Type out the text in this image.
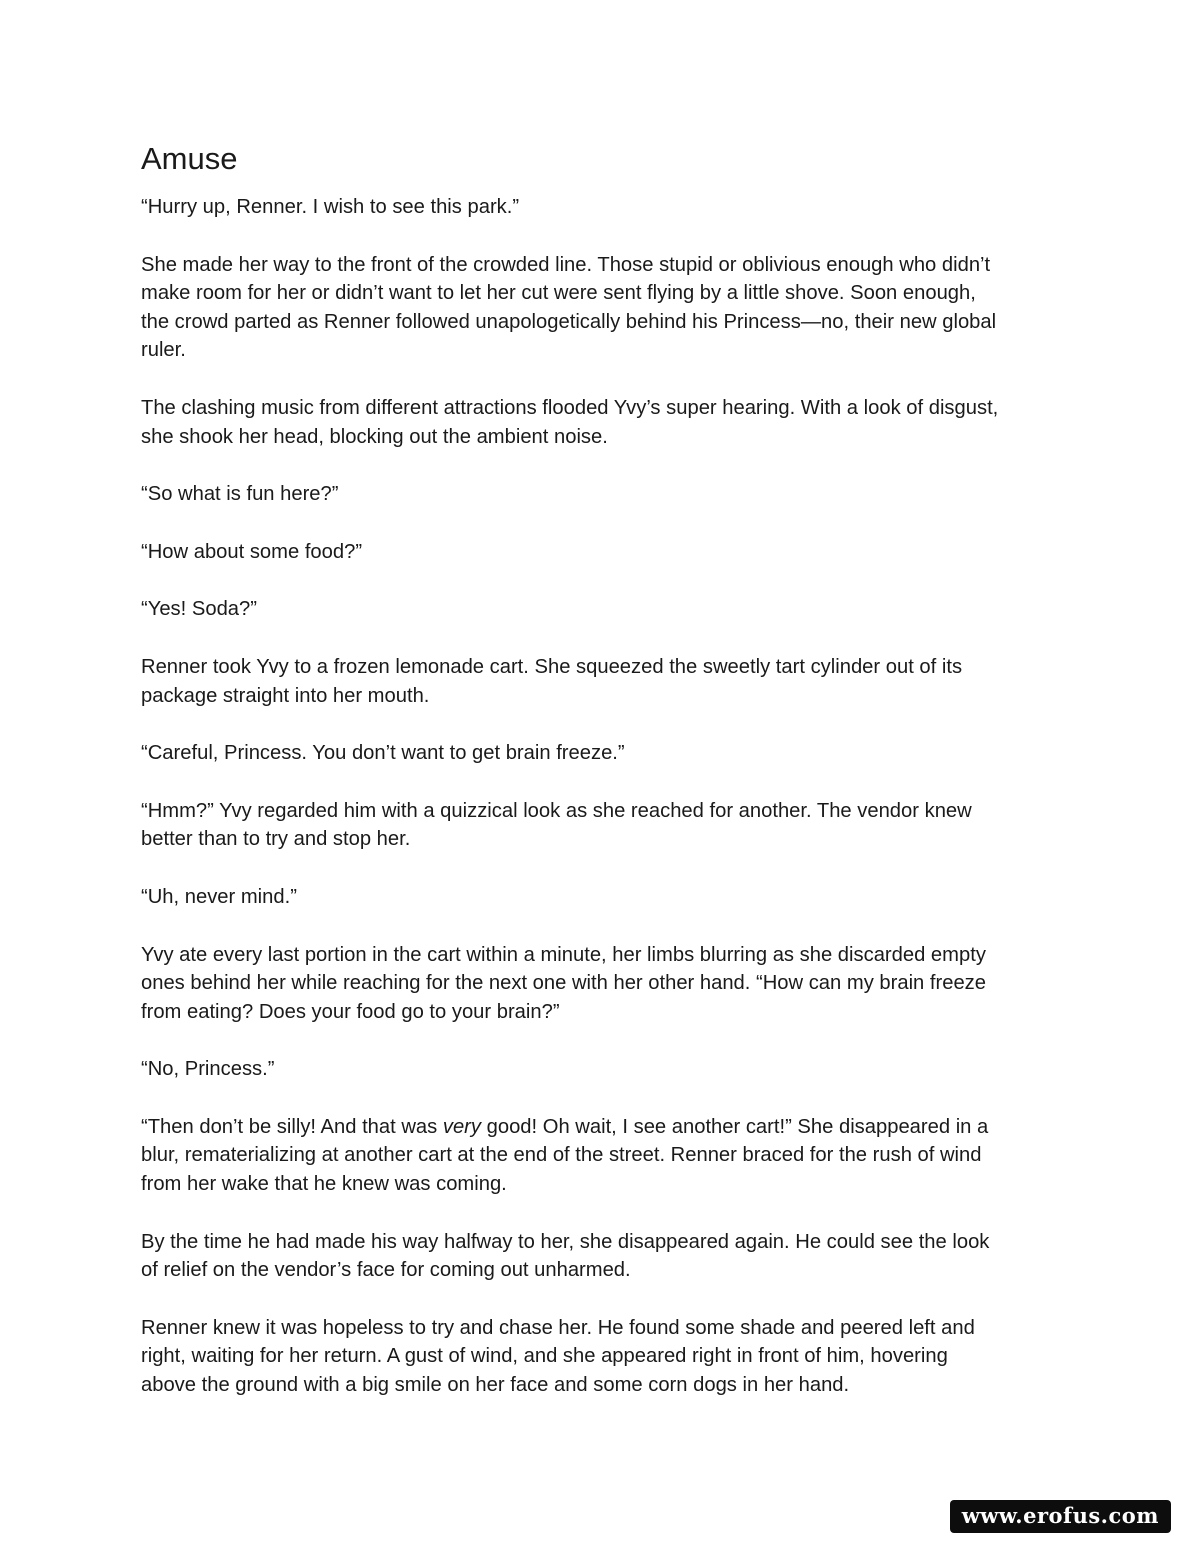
Amuse

“Hurry up, Renner. I wish to see this park.”

She made her way to the front of the crowded line. Those stupid or oblivious enough who didn’t
make room for her or didn’t want to let her cut were sent flying by a little shove. Soon enough,
the crowd parted as Renner followed unapologetically behind his Princess—no, their new global
ruler.

The clashing music from different attractions flooded Yvy’s super hearing. With a look of disgust,
she shook her head, blocking out the ambient noise.

“So what is fun here?”

“How about some food?”

“Yes! Soda?”

Renner took Yvy to a frozen lemonade cart. She squeezed the sweetly tart cylinder out of its
package straight into her mouth.

“Careful, Princess. You don’t want to get brain freeze.”

“Hmm?” Yvy regarded him with a quizzical look as she reached for another. The vendor knew
better than to try and stop her.

“Uh, never mind.”

Yvy ate every last portion in the cart within a minute, her limbs blurring as she discarded empty
ones behind her while reaching for the next one with her other hand. “How can my brain freeze
from eating? Does your food go to your brain?”

“No, Princess.”

“Then don’t be silly! And that was very good! Oh wait, I see another cart!” She disappeared in a
blur, rematerializing at another cart at the end of the street. Renner braced for the rush of wind
from her wake that he knew was coming.

By the time he had made his way halfway to her, she disappeared again. He could see the look
of relief on the vendor’s face for coming out unharmed.

Renner knew it was hopeless to try and chase her. He found some shade and peered left and
right, waiting for her return. A gust of wind, and she appeared right in front of him, hovering
above the ground with a big smile on her face and some corn dogs in her hand.

www.erofus.com
